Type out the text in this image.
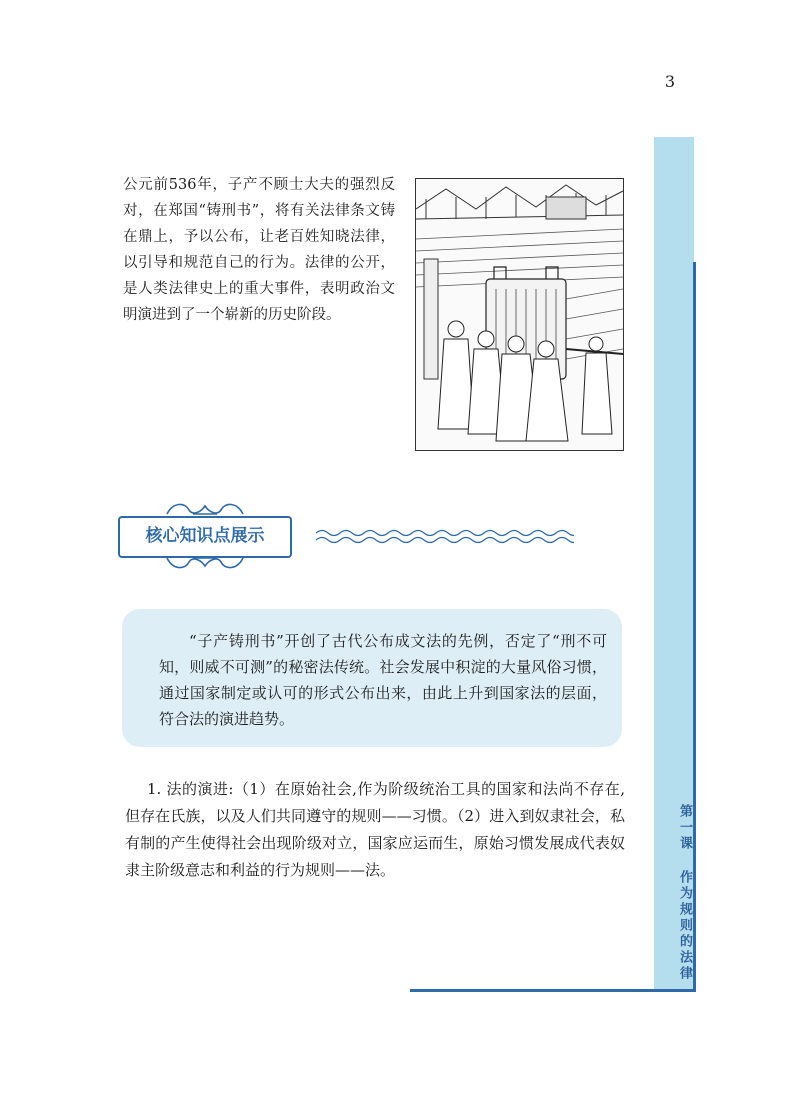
3
第一课
作为规则的法律
公元前536年，子产不顾士大夫的强烈反对，在郑国“铸刑书”，将有关法律条文铸在鼎上，予以公布，让老百姓知晓法律，以引导和规范自己的行为。法律的公开，是人类法律史上的重大事件，表明政治文明演进到了一个崭新的历史阶段。
核心知识点展示
“子产铸刑书”开创了古代公布成文法的先例，否定了“刑不可知，则威不可测”的秘密法传统。社会发展中积淀的大量风俗习惯，通过国家制定或认可的形式公布出来，由此上升到国家法的层面，符合法的演进趋势。
1. 法的演进:（1）在原始社会,作为阶级统治工具的国家和法尚不存在,但存在氏族，以及人们共同遵守的规则——习惯。（2）进入到奴隶社会，私有制的产生使得社会出现阶级对立，国家应运而生，原始习惯发展成代表奴隶主阶级意志和利益的行为规则——法。
